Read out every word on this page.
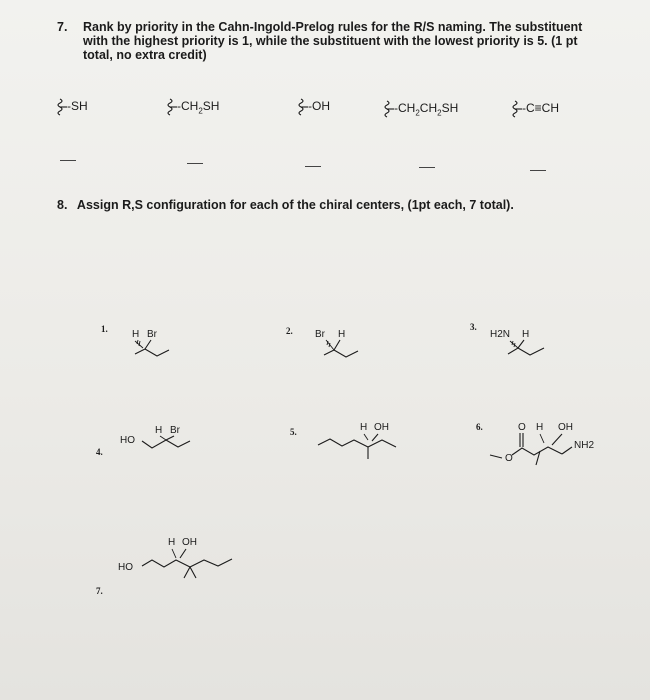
7. Rank by priority in the Cahn-Ingold-Prelog rules for the R/S naming. The substituent with the highest priority is 1, while the substituent with the lowest priority is 5. (1 pt total, no extra credit)
-SH	$-CH_2SH$	-OH	$-CH_2CH_2SH$	-C≡CH
8. Assign R,S configuration for each of the chiral centers, (1pt each, 7 total).
1. H Br	2. Br H
3.
H2N H
4.
HO
H Br	5.	H OH	6.	O
O
H OH
NH2
7.
HO
H OH
